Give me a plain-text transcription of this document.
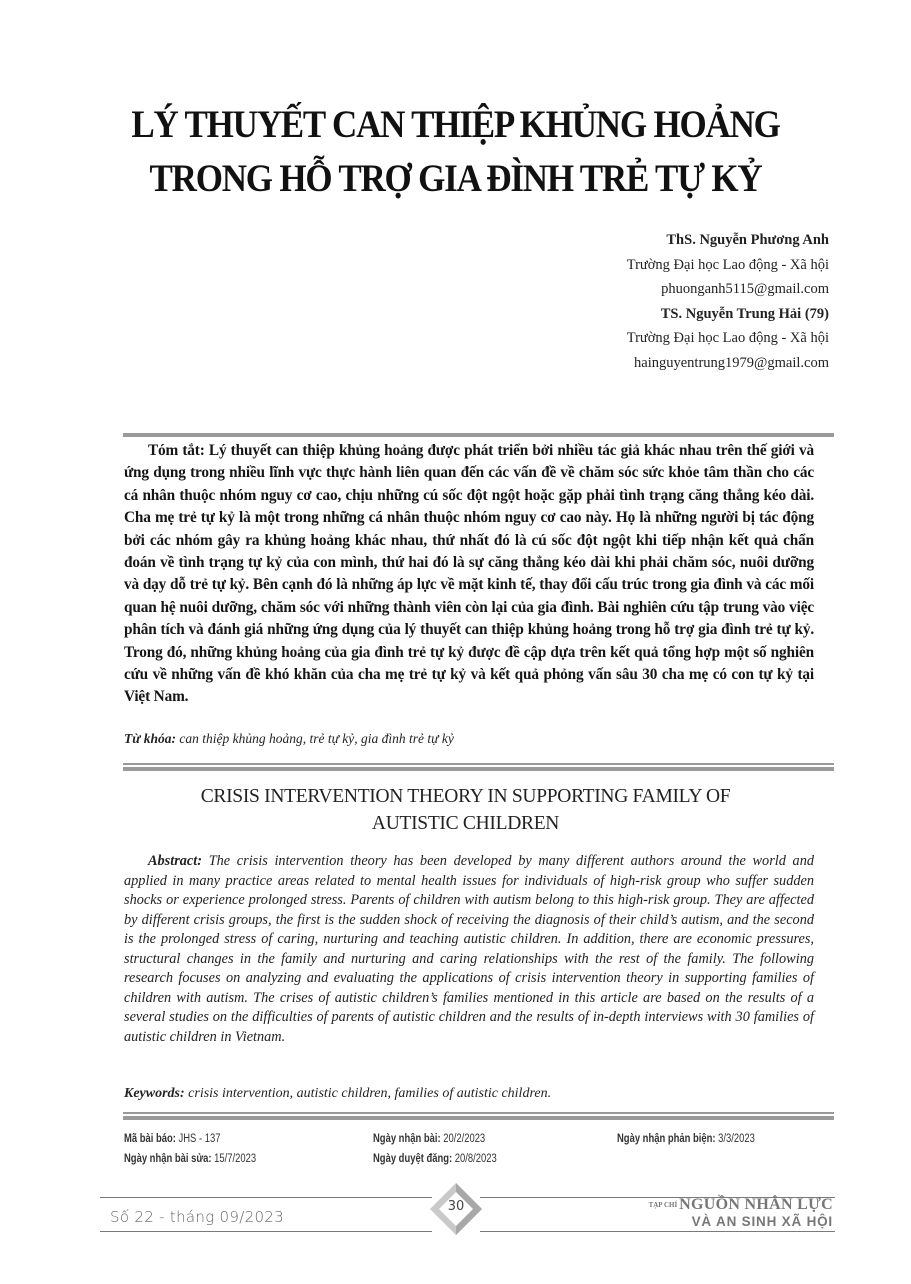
LÝ THUYẾT CAN THIỆP KHỦNG HOẢNG
TRONG HỖ TRỢ GIA ĐÌNH TRẺ TỰ KỶ
ThS. Nguyễn Phương Anh
Trường Đại học Lao động - Xã hội
phuonganh5115@gmail.com
TS. Nguyễn Trung Hải (79)
Trường Đại học Lao động - Xã hội
hainguyentrung1979@gmail.com
Tóm tắt: Lý thuyết can thiệp khủng hoảng được phát triển bởi nhiều tác giả khác nhau trên thế giới và ứng dụng trong nhiều lĩnh vực thực hành liên quan đến các vấn đề về chăm sóc sức khỏe tâm thần cho các cá nhân thuộc nhóm nguy cơ cao, chịu những cú sốc đột ngột hoặc gặp phải tình trạng căng thẳng kéo dài. Cha mẹ trẻ tự kỷ là một trong những cá nhân thuộc nhóm nguy cơ cao này. Họ là những người bị tác động bởi các nhóm gây ra khủng hoảng khác nhau, thứ nhất đó là cú sốc đột ngột khi tiếp nhận kết quả chẩn đoán về tình trạng tự kỷ của con mình, thứ hai đó là sự căng thẳng kéo dài khi phải chăm sóc, nuôi dưỡng và dạy dỗ trẻ tự kỷ. Bên cạnh đó là những áp lực về mặt kinh tế, thay đổi cấu trúc trong gia đình và các mối quan hệ nuôi dưỡng, chăm sóc với những thành viên còn lại của gia đình. Bài nghiên cứu tập trung vào việc phân tích và đánh giá những ứng dụng của lý thuyết can thiệp khủng hoảng trong hỗ trợ gia đình trẻ tự kỷ. Trong đó, những khủng hoảng của gia đình trẻ tự kỷ được đề cập dựa trên kết quả tổng hợp một số nghiên cứu về những vấn đề khó khăn của cha mẹ trẻ tự kỷ và kết quả phỏng vấn sâu 30 cha mẹ có con tự kỷ tại Việt Nam.
Từ khóa: can thiệp khủng hoảng, trẻ tự kỷ, gia đình trẻ tự kỷ
CRISIS INTERVENTION THEORY IN SUPPORTING FAMILY OF
AUTISTIC CHILDREN
Abstract: The crisis intervention theory has been developed by many different authors around the world and applied in many practice areas related to mental health issues for individuals of high-risk group who suffer sudden shocks or experience prolonged stress. Parents of children with autism belong to this high-risk group. They are affected by different crisis groups, the first is the sudden shock of receiving the diagnosis of their child’s autism, and the second is the prolonged stress of caring, nurturing and teaching autistic children. In addition, there are economic pressures, structural changes in the family and nurturing and caring relationships with the rest of the family. The following research focuses on analyzing and evaluating the applications of crisis intervention theory in supporting families of children with autism. The crises of autistic children’s families mentioned in this article are based on the results of a several studies on the difficulties of parents of autistic children and the results of in-depth interviews with 30 families of autistic children in Vietnam.
Keywords: crisis intervention, autistic children, families of autistic children.
Mã bài báo: JHS - 137
Ngày nhận bài sửa: 15/7/2023
Ngày nhận bài: 20/2/2023
Ngày duyệt đăng: 20/8/2023
Ngày nhận phản biện: 3/3/2023
Số 22 - tháng 09/2023
30	$^{TẠP CHÍ}$ NGUỒN NHÂN LỰC
VÀ AN SINH XÃ HỘI
